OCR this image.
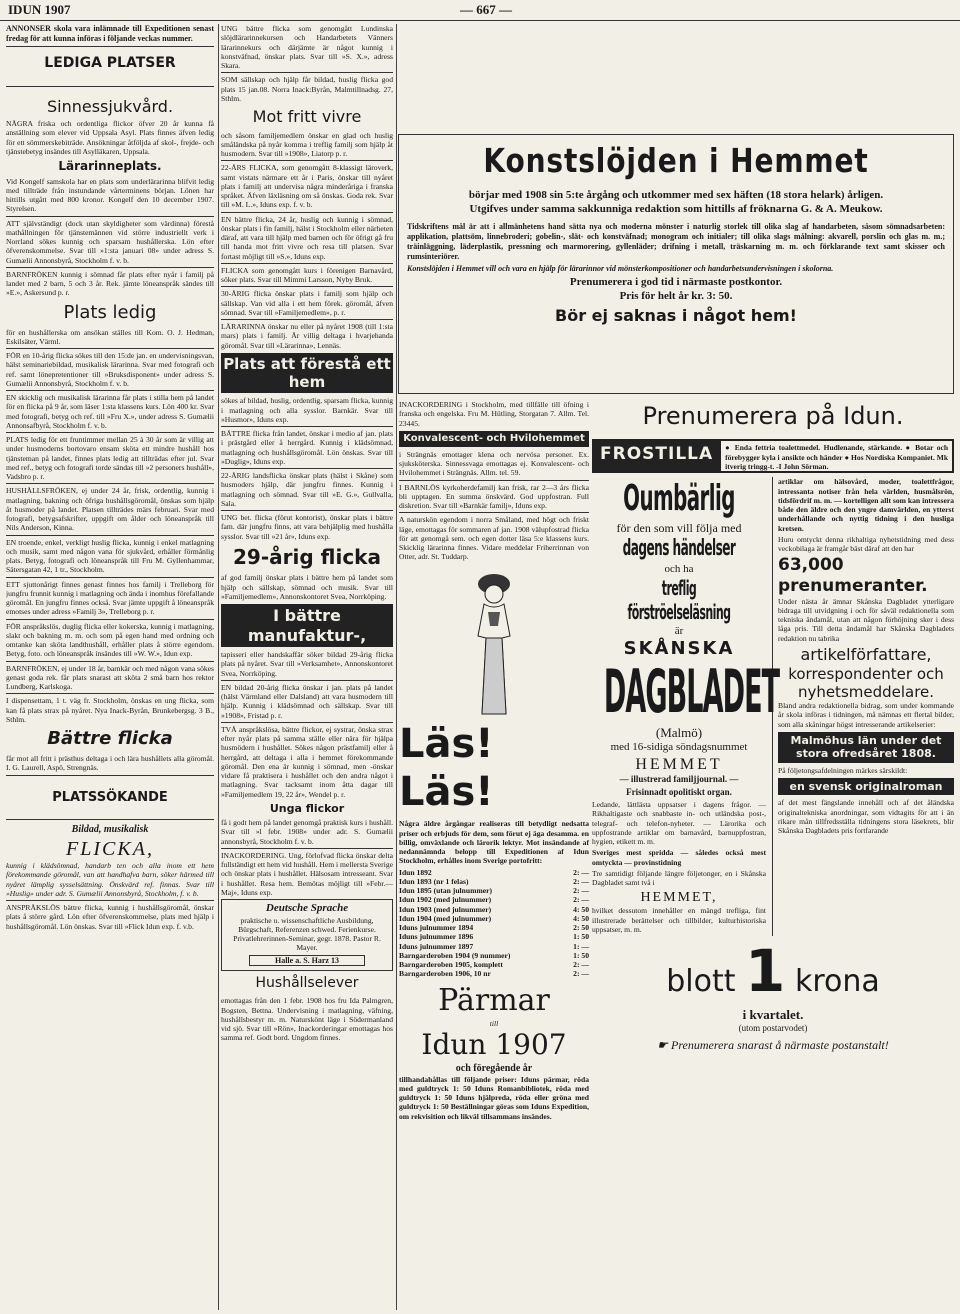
IDUN 1907	— 667 —

ANNONSER skola vara inlämnade till Expeditionen senast fredag för att kunna införas i följande veckas nummer.

LEDIGA PLATSER
Sinnessjukvård.

NÅGRA friska och ordentliga flickor öfver 20 år kunna få anställning som elever vid Uppsala Asyl. Plats finnes äfven ledig för ett sömmerskebiträde. Ansökningar åtföljda af skol-, frejde- och tjänstebetyg insändes till Asylläkaren, Uppsala.

Lärarinneplats.

Vid Kongelf samskola har en plats som underlärarinna blifvit ledig med tillträde från instundande vårterminens början. Lönen har hittills utgått med 800 kronor. Kongelf den 10 december 1907. Styrelsen.

ATT självständigt (dock utan skyldigheter som värdinna) förestå mathållningen för tjänstemännen vid större industriellt verk i Norrland sökes kunnig och sparsam hushållerska. Lön efter öfverenskommelse. Svar till »1:sta januari 08» under adress S. Gumælii Annonsbyrå, Stockholm f. v. b.

BARNFRÖKEN kunnig i sömnad får plats efter nyår i familj på landet med 2 barn, 5 och 3 år. Rek. jämte löneanspråk sändes till »E.», Askersund p. r.

Plats ledig

för en hushållerska om ansökan ställes till Kom. O. J. Hedman, Eskilsäter, Värml.

FÖR en 10-årig flicka sökes till den 15:de jan. en undervisningsvan, hälst seminariebildad, musikalisk lärarinna. Svar med fotografi och ref. samt lönepretentioner till »Bruksdisponent» under adress S. Gumælii Annonsbyrå, Stockholm f. v. b.

EN skicklig och musikalisk lärarinna får plats i stilla hem på landet för en flicka på 9 år, som läser 1:sta klassens kurs. Lön 400 kr. Svar med fotografi, betyg och ref. till »Fru X.», under adress S. Gumælii Annonsafbyrå, Stockholm f. v. b.

PLATS ledig för ett fruntimmer mellan 25 à 30 år som är villig att under husmoderns bortovaro ensam sköta ett mindre hushåll hos tjänsteman på landet, finnes plats ledig att tillträdas efter jul. Svar med ref., betyg och fotografi torde sändas till »2 personers hushåll», Vadsbro p. r.

HUSHÅLLSFRÖKEN, ej under 24 år, frisk, ordentlig, kunnig i matlagning, bakning och öfriga hushållsgöromål, önskas som hjälp åt husmoder på landet. Platsen tillträdes märs februari. Svar med fotografi, betygsafskrifter, uppgift om ålder och löneanspråk till Nils Anderson, Kinna.

EN troende, enkel, verkligt huslig flicka, kunnig i enkel matlagning och musik, samt med någon vana för sjukvård, erhåller förmånlig plats. Betyg, fotografi och löneanspråk till Fru M. Gyllenhammar, Sätersgatan 42, 1 tr., Stockholm.

ETT sjuttonårigt finnes genast finnes hos familj i Trelleborg för jungfru frunnit kunnig i matlagning och ända i inomhus förefallande göromål. En jungfru finnes också. Svar jämte uppgift å löneanspråk emotses under adress »Familj 3», Trelleborg p. r.

FÖR anspråkslös, duglig flicka eller kokerska, kunnig i matlagning, slakt och bakning m. m. och som på egen hand med ordning och omtanke kan sköta landthushåll, erhåller plats å större egendom. Betyg, foto. och löneanspråk insändes till »W. W.», Idun exp.

BARNFRÖKEN, ej under 18 år, barnkär och med någon vana sökes genast goda rek. får plats snarast att sköta 2 små barn hos rektor Lundberg, Karlskoga.

I dispensettam, 1 t. väg fr. Stockholm, önskas en ung flicka, som kan få plats strax på nyåret. Nya Inack-Byrån, Brunkebergsg. 3 B., Sthlm.

Bättre flicka

får mot all fritt i prästhus deltaga i och lära hushållets alla göromål. I. G. Laurell, Aspö, Strengnäs.

PLATSSÖKANDE
Bildad, musikalisk
FLICKA,

kunnig i klädsömnad, handarb ten och alla inom ett hem förekommande göromål, van att handhafva barn, söker härmed till nyåret lämplig sysselsättning. Önskvärd ref. finnas. Svar till »Huslig» under adr. S. Gumælii Annonsbyrå, Stockholm, f. v. b.

ANSPRÅKSLÖS bättre flicka, kunnig i hushållsgöromål, önskar plats å större gård. Lön efter öfverenskommelse, plats med hjälp i hushållsgöromål. Lön önskas. Svar till »Flick Idun exp. f. v.b.

UNG bättre flicka som genomgått Lundinska slöjdlärarinnekursen och Handarbetets Vänners lärarinnekurs och därjämte är något kunnig i konstväfnad, önskar plats. Svar till »S. X.», adress Skara.

SOM sällskap och hjälp får bildad, huslig flicka god plats 15 jan.08. Norra Inack:Byrån, Malmtillnadsg. 27, Sthlm.

Mot fritt vivre

och såsom familjemedlem önskar en glad och huslig småländska på nyår komma i treflig familj som hjälp åt husmodern. Svar till »1908», Liatorp p. r.

22-ÅRS FLICKA, som genomgått 8-klassigt läroverk, samt vistats närmare ett år i Paris, önskar till nyåret plats i familj att undervisa några minderåriga i franska språket. Äfven läxläsning om så önskas. Goda rek. Svar till »M. L.», Iduns exp. f. v. b.

EN bättre flicka, 24 år, huslig och kunnig i sömnad, önskar plats i fin familj, hälst i Stockholm eller närheten däraf, att vara till hjälp med barnen och för öfrigt gå fru till handa mot fritt vivre och resa till platsen. Svar fortast möjligt till »S.», Iduns exp.

FLICKA som genomgått kurs i förenigen Barnavård, söker plats. Svar till Mimmi Larsson, Nyby Bruk.

30-ÅRIG flicka önskar plats i familj som hjälp och sällskap. Van vid alla i ett hem förek. göromål, äfven sömnad. Svar till »Familjemedlem», p. r.

LÄRARINNA önskar nu eller på nyåret 1908 (till 1:sta mars) plats i familj. Är villig deltaga i hvarjehanda göromål. Svar till »Lärarinna», Lennäs.

Plats att förestå ett hem

sökes af bildad, huslig, ordentlig, sparsam flicka, kunnig i matlagning och alla sysslor. Barnkär. Svar till »Husmor», Iduns exp.

BÄTTRE flicka från landet, önskar i medio af jan. plats i prästgård eller å herrgård. Kunnig i klädsömnad, matlagning och hushållsgöromål. Lön önskas. Svar till »Duglig», Iduns exp.

22-ÅRIG landsflicka önskar plats (hälst i Skåne) som husmoders hjälp, där jungfru finnes. Kunnig i matlagning och sömnad. Svar till »E. G.», Gullvalla, Sala.

UNG bet. flicka (förut kontorist), önskar plats i bättre fam. där jungfru finns, att vara behjälplig med hushålla sysslor. Svar till »21 år», Iduns exp.

29-årig flicka

af god familj önskar plats i bättre hem på landet som hjälp och sällskap, sömnad och musik. Svar till »Familjemedlem», Annonskontoret Svea, Norrköping.

I bättre manufaktur-,

tapisseri eller handskaffär söker bildad 29-årig flicka plats på nyåret. Svar till »Verksamhet», Annonskontoret Svea, Norrköping.

EN bildad 20-årig flicka önskar i jan. plats på landet (hälst Värmland eller Dalsland) att vara husmodern till hjälp. Kunnig i klädsömnad och sällskap. Svar till »1908», Fristad p. r.

TVÅ anspråkslösa, bättre flickor, ej systrar, önska strax efter nyår plats på samma ställe eller nära för hjälpa husmödern i hushållet. Sökes någon prästfamilj eller å herrgård, att deltaga i alla i hemmet förekommande göromål. Den ena är kunnig i sömnad, men -önskar vidare få praktisera i hushållet och den andra något i matlagning. Svar tacksamt inom åtta dagar till »Familjemedlem 19, 22 år», Wendel p. r.

Unga flickor

få i godt hem på landet genomgå praktisk kurs i hushåll. Svar till »l febr. 1908» under adr. S. Gumælii annonsbyrå, Stockholm f. v. b.

INACKORDERING. Ung, förlofvad flicka önskar delta fullständigt ett hem vid hushåll. Hem i mellersta Sverige och önskar plats i hushållet. Hälsosam intresseant. Svar i hushållet. Resa hem. Bemötas möjligt till »Febr.—Maj», Iduns exp.

Deutsche Sprache

praktische u. wissenschaftliche Ausbildung, Bürgschaft, Referenzen schwed. Ferienkurse. Privatlehrerinnen-Seminar, gegr. 1878. Pastor R. Mayer.

Halle a. S. Harz 13
Hushållselever

emottagas från den 1 febr. 1908 hos fru Ida Palmgren, Bogsten, Bettna. Undervisning i matlagning, väfning, hushållsbestyr m. m. Naturskönt läge i Södermanland vid sjö. Svar till »Rön», Inackorderingar emottagas hos samma ref. Godt bord. Ungdom finnes.

Konstslöjden i Hemmet
börjar med 1908 sin 5:te årgång och utkommer med sex häften (18 stora helark) årligen.
Utgifves under samma sakkunniga redaktion som hittills af fröknarna G. & A. Meukow.
Tidskriftens mål är att i allmänhetens hand sätta nya och moderna mönster i naturlig storlek till olika slag af handarbeten, såsom sömnadsarbeten: applikation, plattsöm, linnebroderi; gobelin-, slät- och konstväfnad; monogram och initialer; till olika slags målning: akvarell, porslin och glas m. m.; träinläggning, läderplastik, pressning och marmorering, gyllenläder; drifning i metall, träskarning m. m. och förklarande text samt skisser och rumsinteriörer.
Konstslöjden i Hemmet vill och vara en hjälp för lärarinnor vid mönsterkompositioner och handarbetsundervisningen i skolorna.
Prenumerera i god tid i närmaste postkontor.
Pris för helt år kr. 3: 50.
Bör ej saknas i något hem!

INACKORDERING i Stockholm, med tillfälle till öfning i franska och engelska. Fru M. Hütling, Storgatan 7. Allm. Tel. 23445.

Konvalescent- och Hvilohemmet

i Strängnäs emottager klena och nervösa personer. Ex. sjuksköterska. Sinnessvaga emottagas ej. Konvalescent- och Hvilohemmet i Strängnäs. Allm. tel. 59.

I BARNLÖS kyrkoherdefamilj kan frisk, rar 2—3 års flicka bli upptagen. En summa önskvärd. God uppfostran. Full diskretion. Svar till »Barnkär familj», Iduns exp.

A naturskön egendom i norra Småland, med högt och friskt läge, emottagas för sommaren af jan. 1908 välupfostrad flicka för att genomgå sem. och egen dotter läsa 5:e klassens kurs. Skicklig lärarinna finnes. Vidare meddelar Friherrinnan von Otter, adr. St. Tuddarp.

Läs! Läs!

Några äldre årgångar realiseras till betydligt nedsatta priser och erbjuds för dem, som förut ej äga desamma. en billig, omväxlande och lärorik lektyr. Mot insändande af nedannämnda belopp till Expeditionen af Idun Stockholm, erhålles inom Sverige portofritt:

Idun 1892	2: —
Idun 1893 (nr 1 felas)	2: —
Idun 1895 (utan julnummer)	2: —
Idun 1902 (med julnummer)	2: —
Idun 1903 (med julnummer)	4: 50
Idun 1904 (med julnummer)	4: 50
Iduns julnummer 1894	2: 50
Iduns julnummer 1896	1: 50
Iduns julnummer 1897	1: —
Barngarderoben 1904 (9 nummer)	1: 50
Barngarderoben 1905, komplett	2: —
Barngarderoben 1906, 10 nr	2: —
Pärmar
till
Idun 1907
och föregående år

tillhandahållas till följande priser: Iduns pärmar, röda med guldtryck 1: 50 Iduns Romanbibliotek, röda med guldtryck 1: 50 Iduns hjälpreda, röda eller gröna med guldtryck 1: 50 Beställningar göras som Iduns Expedition, om rekvisition och likväl tillsammans insändes.

Prenumerera på Idun.
FROSTILLA	● Enda fettria toalettmedel. Hudlenande, stärkande. ● Botar och förebygger kyla i ansikte och händer ● Hos Nordiska Kompaniet. Mk itverig tringg-t. -I John Sörman.
Oumbärlig
för den som vill följa med
dagens händelser
och ha
treflig förströelseläsning
är
SKÅNSKA
DAGBLADET
(Malmö)
med 16-sidiga söndagsnummet
HEMMET
— illustrerad familjjournal. —
Frisinnadt opolitiskt organ.

Ledande, lättlästa uppsatser i dagens frågor. — Rikhaltigaste och snabbaste in- och utländska post-, telegraf- och telefon-nyheter. — Lärorika och uppfostrande artiklar om barnavård, barnuppfostran, hygien, etikett m. m.

Sveriges mest spridda — således också mest omtyckta — provinstidning

Tre samtidigt följande längre följetonger, en i Skånska Dagbladet samt två i

HEMMET,

hvilket dessutom innehåller en mängd trefliga, fint illustrerade berättelser och tillbilder, kulturhistoriska uppsatser, m. m.

artiklar om hälsovård, moder, toalettfrågor, intressanta notiser från hela världen, husmålsrön, tidsfördrif m. m. — kortelligen allt som kan intressera både den äldre och den yngre damvärlden, en ytterst underhållande och nyttig tidning i den husliga kretsen.

Huru omtyckt denna rikhaltiga nyhetstidning med dess veckobilaga är framgår bäst däraf att den har

63,000 prenumeranter.

Under nästa år ämnar Skånska Dagbladet ytterligare bidraga till utvidgning i och för såväl redaktionella som tekniska ändamål, utan att någon förhöjning sker i dess låga pris. Till detta ändamål har Skånska Dagbladets redaktion nu tabrika

artikelförfattare,
korrespondenter och
nyhetsmeddelare.

Bland andra redaktionella bidrag, som under kommande år skola införas i tidningen, må nämnas ett flertal bilder, som alla skåningar högst intresserande artikelserier:

Malmöhus län under det stora ofredsåret 1808.

På följetongsafdelningen märkes särskildt:

en svensk originalroman

af det mest fängslande innehåll och af det åländska originaltekniska anordningar, som vidtagits för att i än rikare mån tillfredsställa tidningens stora läsekrets, blir Skånska Dagbladets pris fortfarande

blott 1 krona
i kvartalet.
(utom postarvodet)
☛ Prenumerera snarast å närmaste postanstalt!
